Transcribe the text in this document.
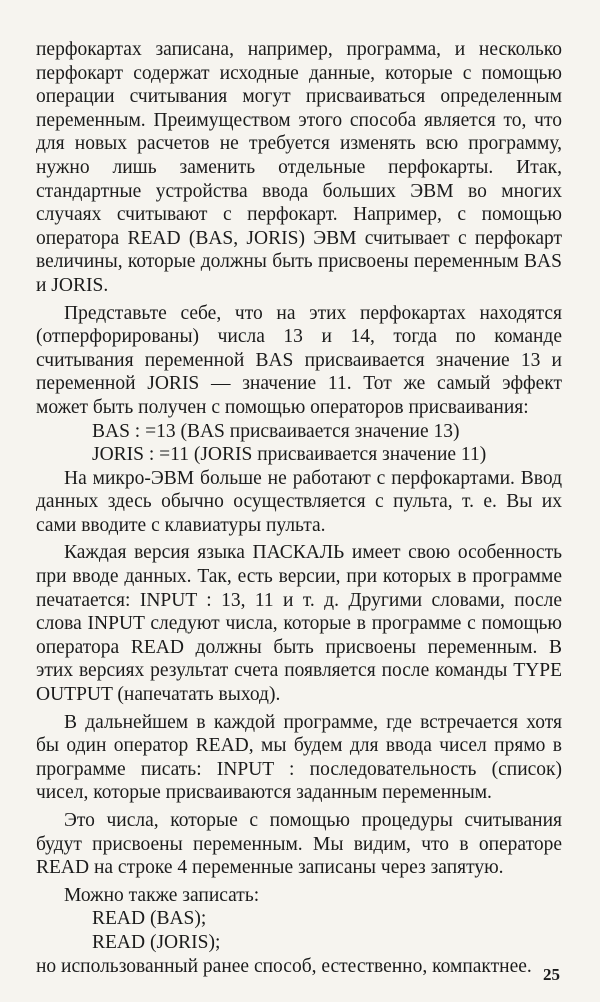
перфокартах записана, например, программа, и несколько перфокарт содержат исходные данные, которые с помощью операции считывания могут присваиваться определенным переменным. Преимуществом этого способа является то, что для новых расчетов не требуется изменять всю программу, нужно лишь заменить отдельные перфокарты. Итак, стандартные устройства ввода больших ЭВМ во многих случаях считывают с перфокарт. Например, с помощью оператора READ (BAS, JORIS) ЭВМ считывает с перфокарт величины, которые должны быть присвоены переменным BAS и JORIS.

Представьте себе, что на этих перфокартах находятся (отперфорированы) числа 13 и 14, тогда по команде считывания переменной BAS присваивается значение 13 и переменной JORIS — значение 11. Тот же самый эффект может быть получен с помощью операторов присваивания:

BAS : =13 (BAS присваивается значение 13)

JORIS : =11 (JORIS присваивается значение 11)

На микро-ЭВМ больше не работают с перфокартами. Ввод данных здесь обычно осуществляется с пульта, т. е. Вы их сами вводите с клавиатуры пульта.

Каждая версия языка ПАСКАЛЬ имеет свою особенность при вводе данных. Так, есть версии, при которых в программе печатается: INPUT : 13, 11 и т. д. Другими словами, после слова INPUT следуют числа, которые в программе с помощью оператора READ должны быть присвоены переменным. В этих версиях результат счета появляется после команды TYPE OUTPUT (напечатать выход).

В дальнейшем в каждой программе, где встречается хотя бы один оператор READ, мы будем для ввода чисел прямо в программе писать: INPUT : последовательность (список) чисел, которые присваиваются заданным переменным.

Это числа, которые с помощью процедуры считывания будут присвоены переменным. Мы видим, что в операторе READ на строке 4 переменные записаны через запятую.

Можно также записать:

READ (BAS);

READ (JORIS);

но использованный ранее способ, естественно, компактнее. 25
